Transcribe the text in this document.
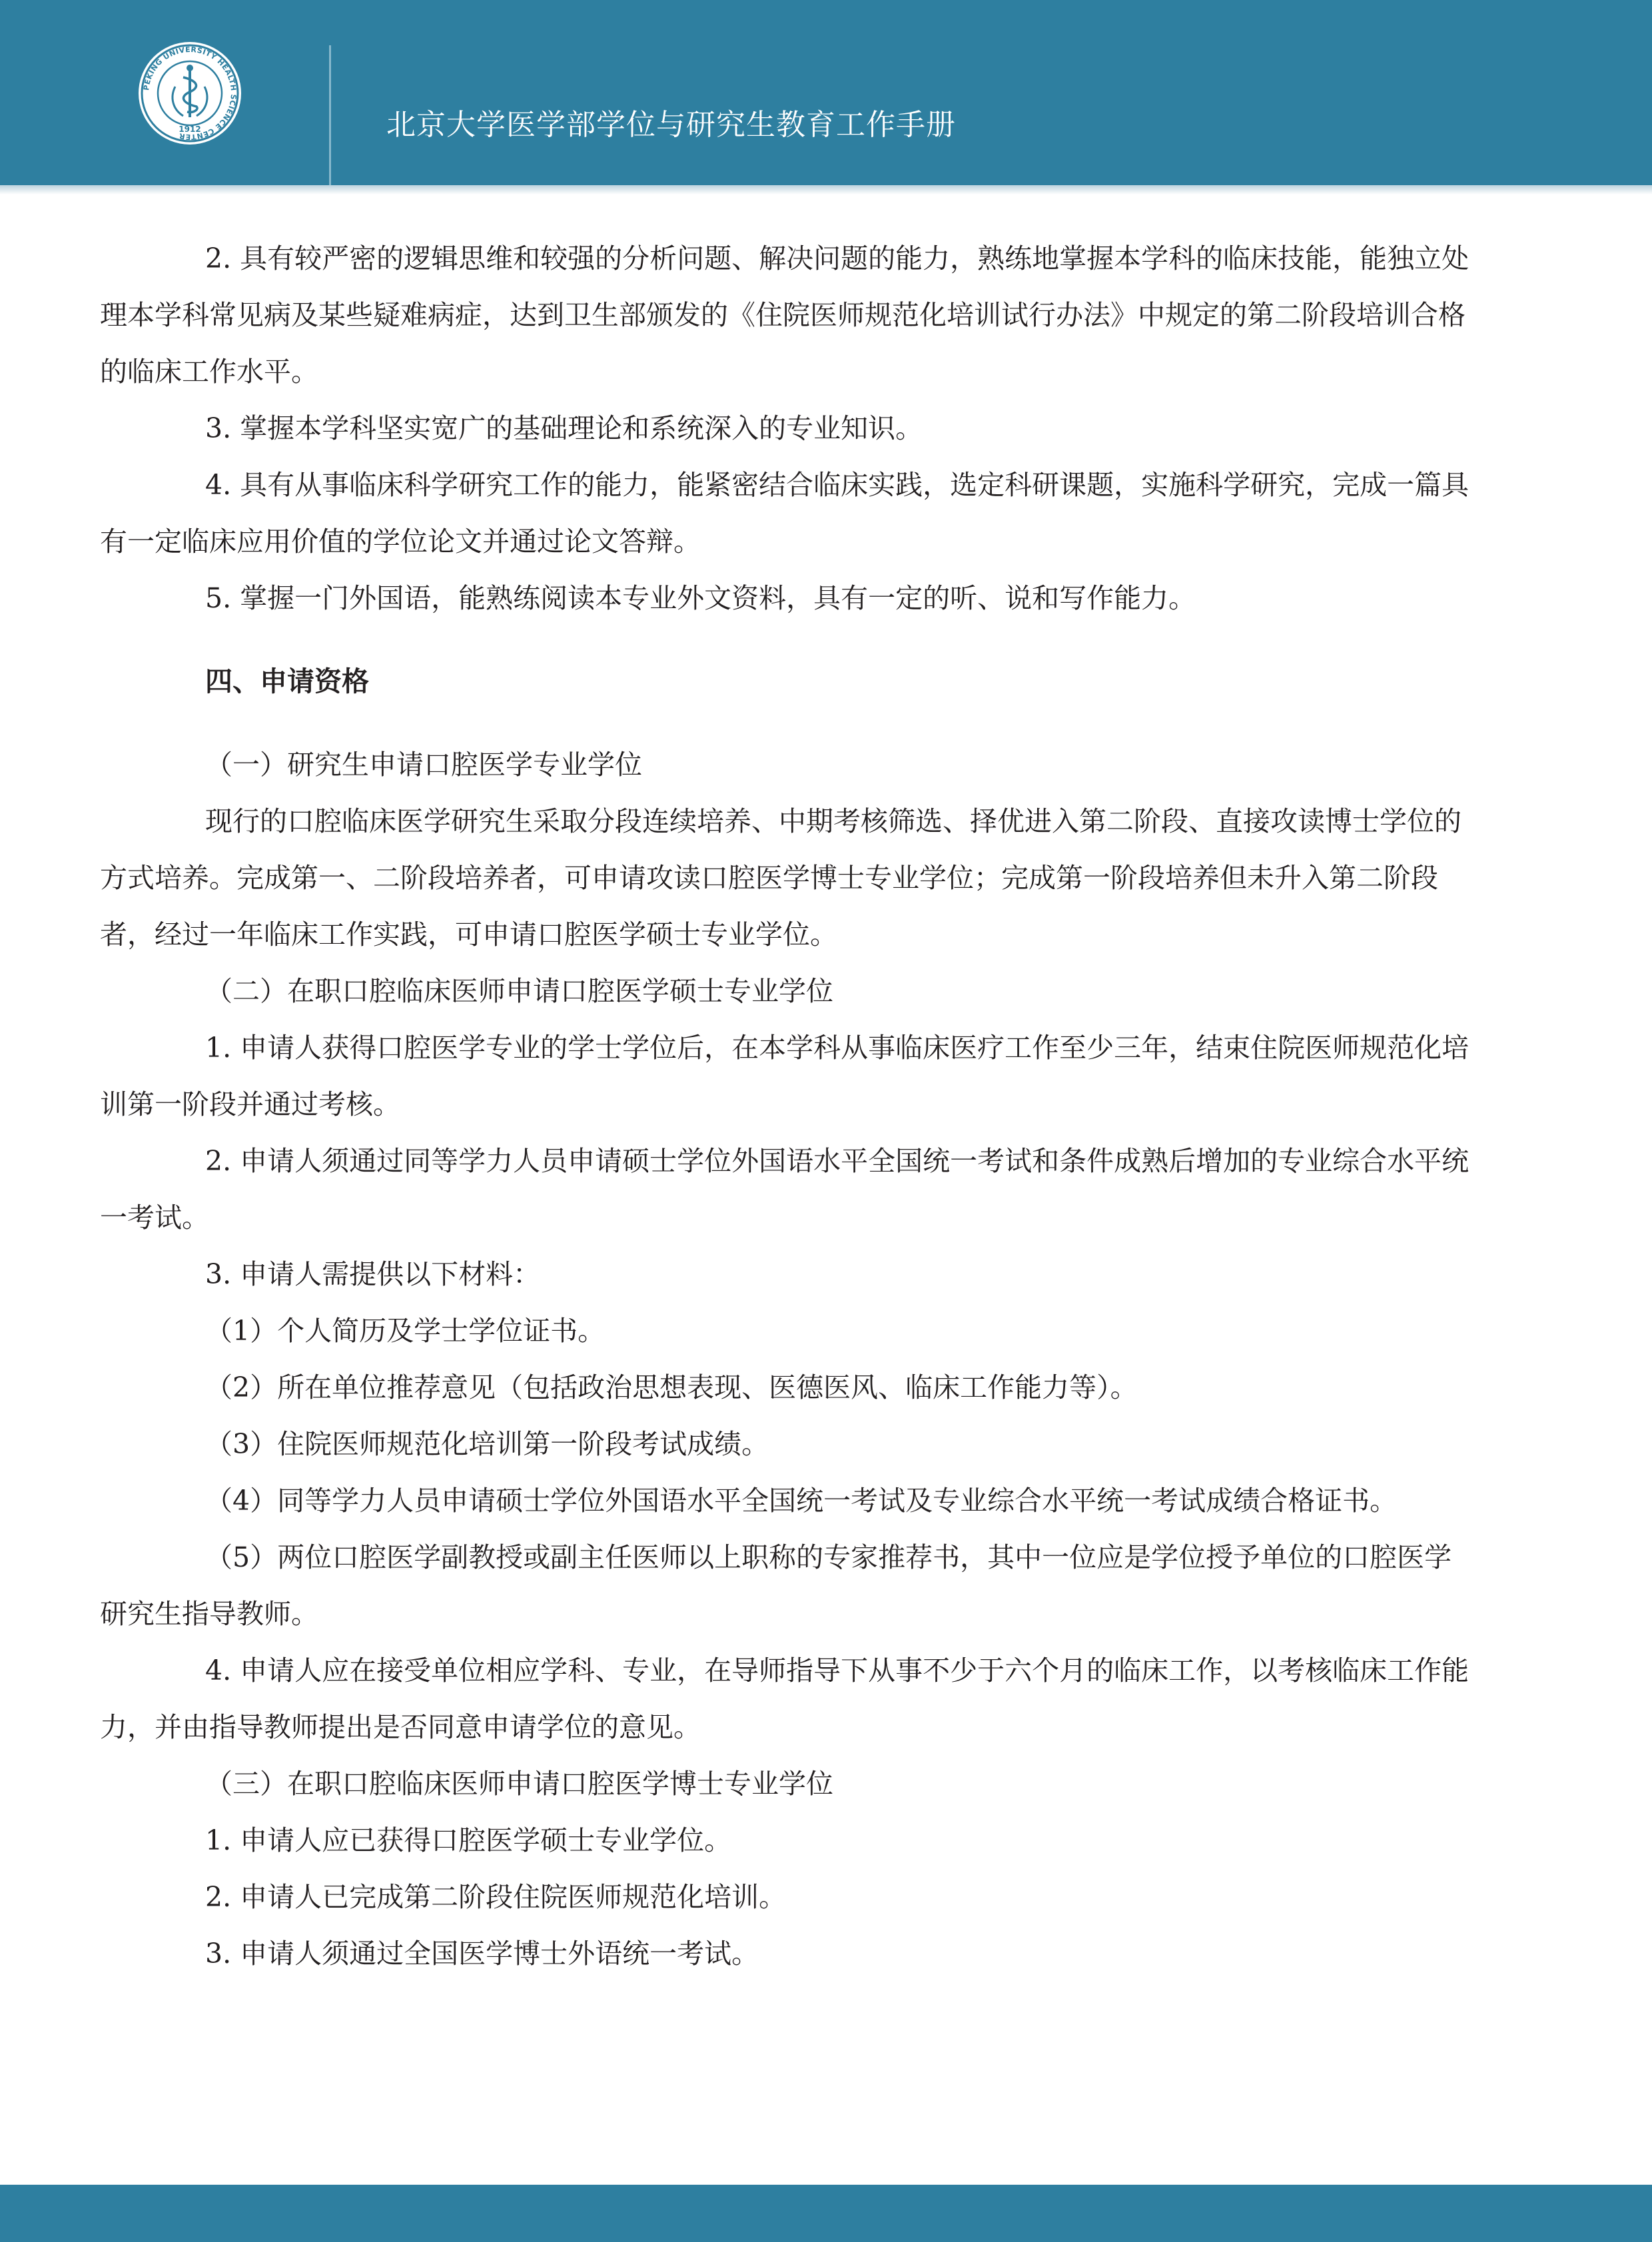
PEKING UNIVERSITY HEALTH SCIENCE CENTER
1912	北京大学医学部学位与研究生教育工作手册

2. 具有较严密的逻辑思维和较强的分析问题、解决问题的能力，熟练地掌握本学科的临床技能，能独立处理本学科常见病及某些疑难病症，达到卫生部颁发的《住院医师规范化培训试行办法》中规定的第二阶段培训合格的临床工作水平。

3. 掌握本学科坚实宽广的基础理论和系统深入的专业知识。

4. 具有从事临床科学研究工作的能力，能紧密结合临床实践，选定科研课题，实施科学研究，完成一篇具有一定临床应用价值的学位论文并通过论文答辩。

5. 掌握一门外国语，能熟练阅读本专业外文资料，具有一定的听、说和写作能力。

四、申请资格

（一）研究生申请口腔医学专业学位

现行的口腔临床医学研究生采取分段连续培养、中期考核筛选、择优进入第二阶段、直接攻读博士学位的方式培养。完成第一、二阶段培养者，可申请攻读口腔医学博士专业学位；完成第一阶段培养但未升入第二阶段者，经过一年临床工作实践，可申请口腔医学硕士专业学位。

（二）在职口腔临床医师申请口腔医学硕士专业学位

1. 申请人获得口腔医学专业的学士学位后，在本学科从事临床医疗工作至少三年，结束住院医师规范化培训第一阶段并通过考核。

2. 申请人须通过同等学力人员申请硕士学位外国语水平全国统一考试和条件成熟后增加的专业综合水平统一考试。

3. 申请人需提供以下材料：

（1）个人简历及学士学位证书。

（2）所在单位推荐意见（包括政治思想表现、医德医风、临床工作能力等）。

（3）住院医师规范化培训第一阶段考试成绩。

（4）同等学力人员申请硕士学位外国语水平全国统一考试及专业综合水平统一考试成绩合格证书。

（5）两位口腔医学副教授或副主任医师以上职称的专家推荐书，其中一位应是学位授予单位的口腔医学研究生指导教师。

4. 申请人应在接受单位相应学科、专业，在导师指导下从事不少于六个月的临床工作，以考核临床工作能力，并由指导教师提出是否同意申请学位的意见。

（三）在职口腔临床医师申请口腔医学博士专业学位

1. 申请人应已获得口腔医学硕士专业学位。

2. 申请人已完成第二阶段住院医师规范化培训。

3. 申请人须通过全国医学博士外语统一考试。
